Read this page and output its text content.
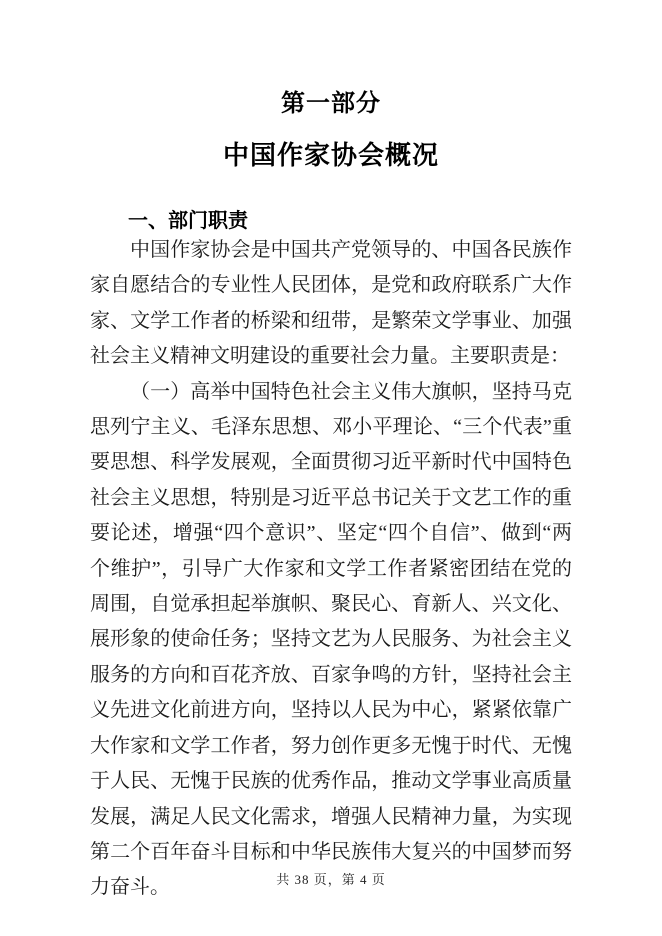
第一部分
中国作家协会概况
一、部门职责

中国作家协会是中国共产党领导的、中国各民族作家自愿结合的专业性人民团体，是党和政府联系广大作家、文学工作者的桥梁和纽带，是繁荣文学事业、加强社会主义精神文明建设的重要社会力量。主要职责是：

（一）高举中国特色社会主义伟大旗帜，坚持马克思列宁主义、毛泽东思想、邓小平理论、“三个代表”重要思想、科学发展观，全面贯彻习近平新时代中国特色社会主义思想，特别是习近平总书记关于文艺工作的重要论述，增强“四个意识”、坚定“四个自信”、做到“两个维护”，引导广大作家和文学工作者紧密团结在党的周围，自觉承担起举旗帜、聚民心、育新人、兴文化、展形象的使命任务；坚持文艺为人民服务、为社会主义服务的方向和百花齐放、百家争鸣的方针，坚持社会主义先进文化前进方向，坚持以人民为中心，紧紧依靠广大作家和文学工作者，努力创作更多无愧于时代、无愧于人民、无愧于民族的优秀作品，推动文学事业高质量发展，满足人民文化需求，增强人民精神力量，为实现第二个百年奋斗目标和中华民族伟大复兴的中国梦而努力奋斗。	共 38 页，第 4 页
